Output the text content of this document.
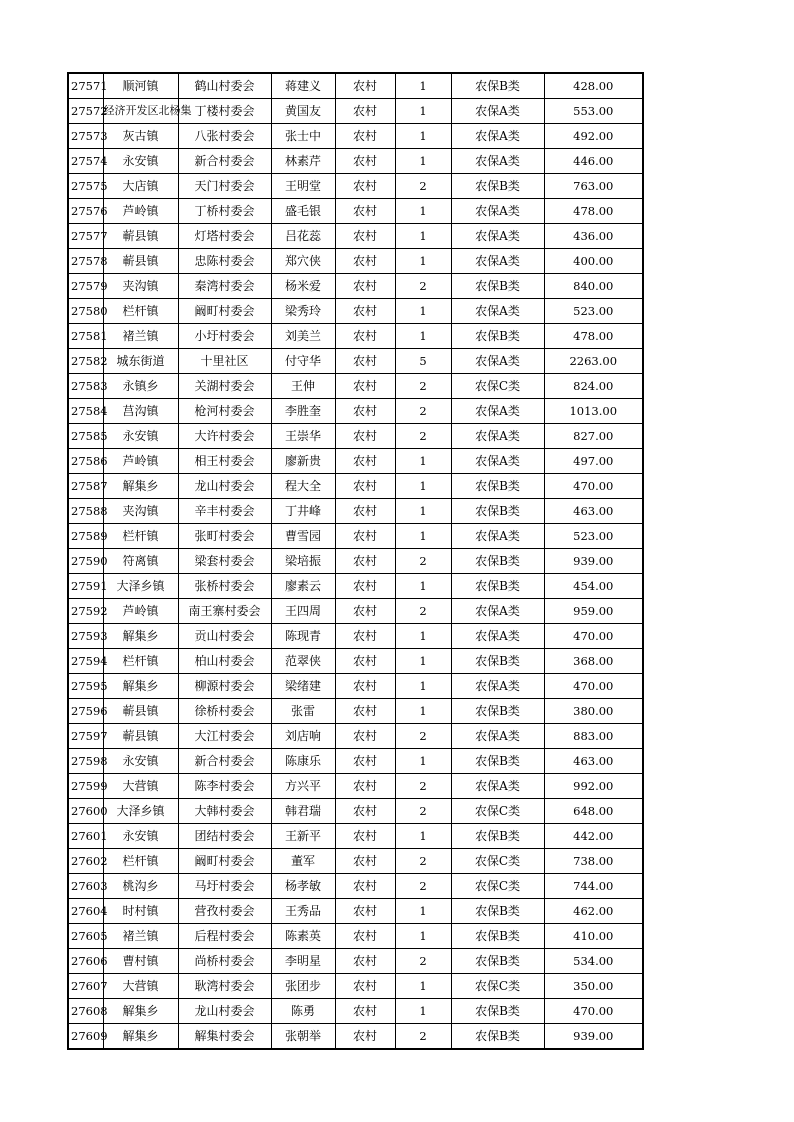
27571	顺河镇	鹤山村委会	蒋建义	农村	1	农保B类	428.00
27572	经济开发区北杨集	丁楼村委会	黄国友	农村	1	农保A类	553.00
27573	灰古镇	八张村委会	张士中	农村	1	农保A类	492.00
27574	永安镇	新合村委会	林素芹	农村	1	农保A类	446.00
27575	大店镇	天门村委会	王明堂	农村	2	农保B类	763.00
27576	芦岭镇	丁桥村委会	盛毛银	农村	1	农保A类	478.00
27577	蕲县镇	灯塔村委会	吕花蕊	农村	1	农保A类	436.00
27578	蕲县镇	忠陈村委会	郑穴侠	农村	1	农保A类	400.00
27579	夹沟镇	秦湾村委会	杨米爱	农村	2	农保B类	840.00
27580	栏杆镇	阚町村委会	梁秀玲	农村	1	农保A类	523.00
27581	褚兰镇	小圩村委会	刘美兰	农村	1	农保B类	478.00
27582	城东街道	十里社区	付守华	农村	5	农保A类	2263.00
27583	永镇乡	关湖村委会	王伸	农村	2	农保C类	824.00
27584	莒沟镇	枪河村委会	李胜奎	农村	2	农保A类	1013.00
27585	永安镇	大许村委会	王崇华	农村	2	农保A类	827.00
27586	芦岭镇	相王村委会	廖新贵	农村	1	农保A类	497.00
27587	解集乡	龙山村委会	程大全	农村	1	农保B类	470.00
27588	夹沟镇	辛丰村委会	丁井峰	农村	1	农保B类	463.00
27589	栏杆镇	张町村委会	曹雪园	农村	1	农保A类	523.00
27590	符离镇	梁套村委会	梁培振	农村	2	农保B类	939.00
27591	大泽乡镇	张桥村委会	廖素云	农村	1	农保B类	454.00
27592	芦岭镇	南王寨村委会	王四周	农村	2	农保A类	959.00
27593	解集乡	贡山村委会	陈现青	农村	1	农保A类	470.00
27594	栏杆镇	柏山村委会	范翠侠	农村	1	农保B类	368.00
27595	解集乡	柳源村委会	梁绪建	农村	1	农保A类	470.00
27596	蕲县镇	徐桥村委会	张雷	农村	1	农保B类	380.00
27597	蕲县镇	大江村委会	刘店响	农村	2	农保A类	883.00
27598	永安镇	新合村委会	陈康乐	农村	1	农保B类	463.00
27599	大营镇	陈李村委会	方兴平	农村	2	农保A类	992.00
27600	大泽乡镇	大韩村委会	韩君瑞	农村	2	农保C类	648.00
27601	永安镇	团结村委会	王新平	农村	1	农保B类	442.00
27602	栏杆镇	阚町村委会	董军	农村	2	农保C类	738.00
27603	桃沟乡	马圩村委会	杨孝敏	农村	2	农保C类	744.00
27604	时村镇	营孜村委会	王秀品	农村	1	农保B类	462.00
27605	褚兰镇	后程村委会	陈素英	农村	1	农保B类	410.00
27606	曹村镇	尚桥村委会	李明星	农村	2	农保B类	534.00
27607	大营镇	耿湾村委会	张团步	农村	1	农保C类	350.00
27608	解集乡	龙山村委会	陈勇	农村	1	农保B类	470.00
27609	解集乡	解集村委会	张朝举	农村	2	农保B类	939.00
